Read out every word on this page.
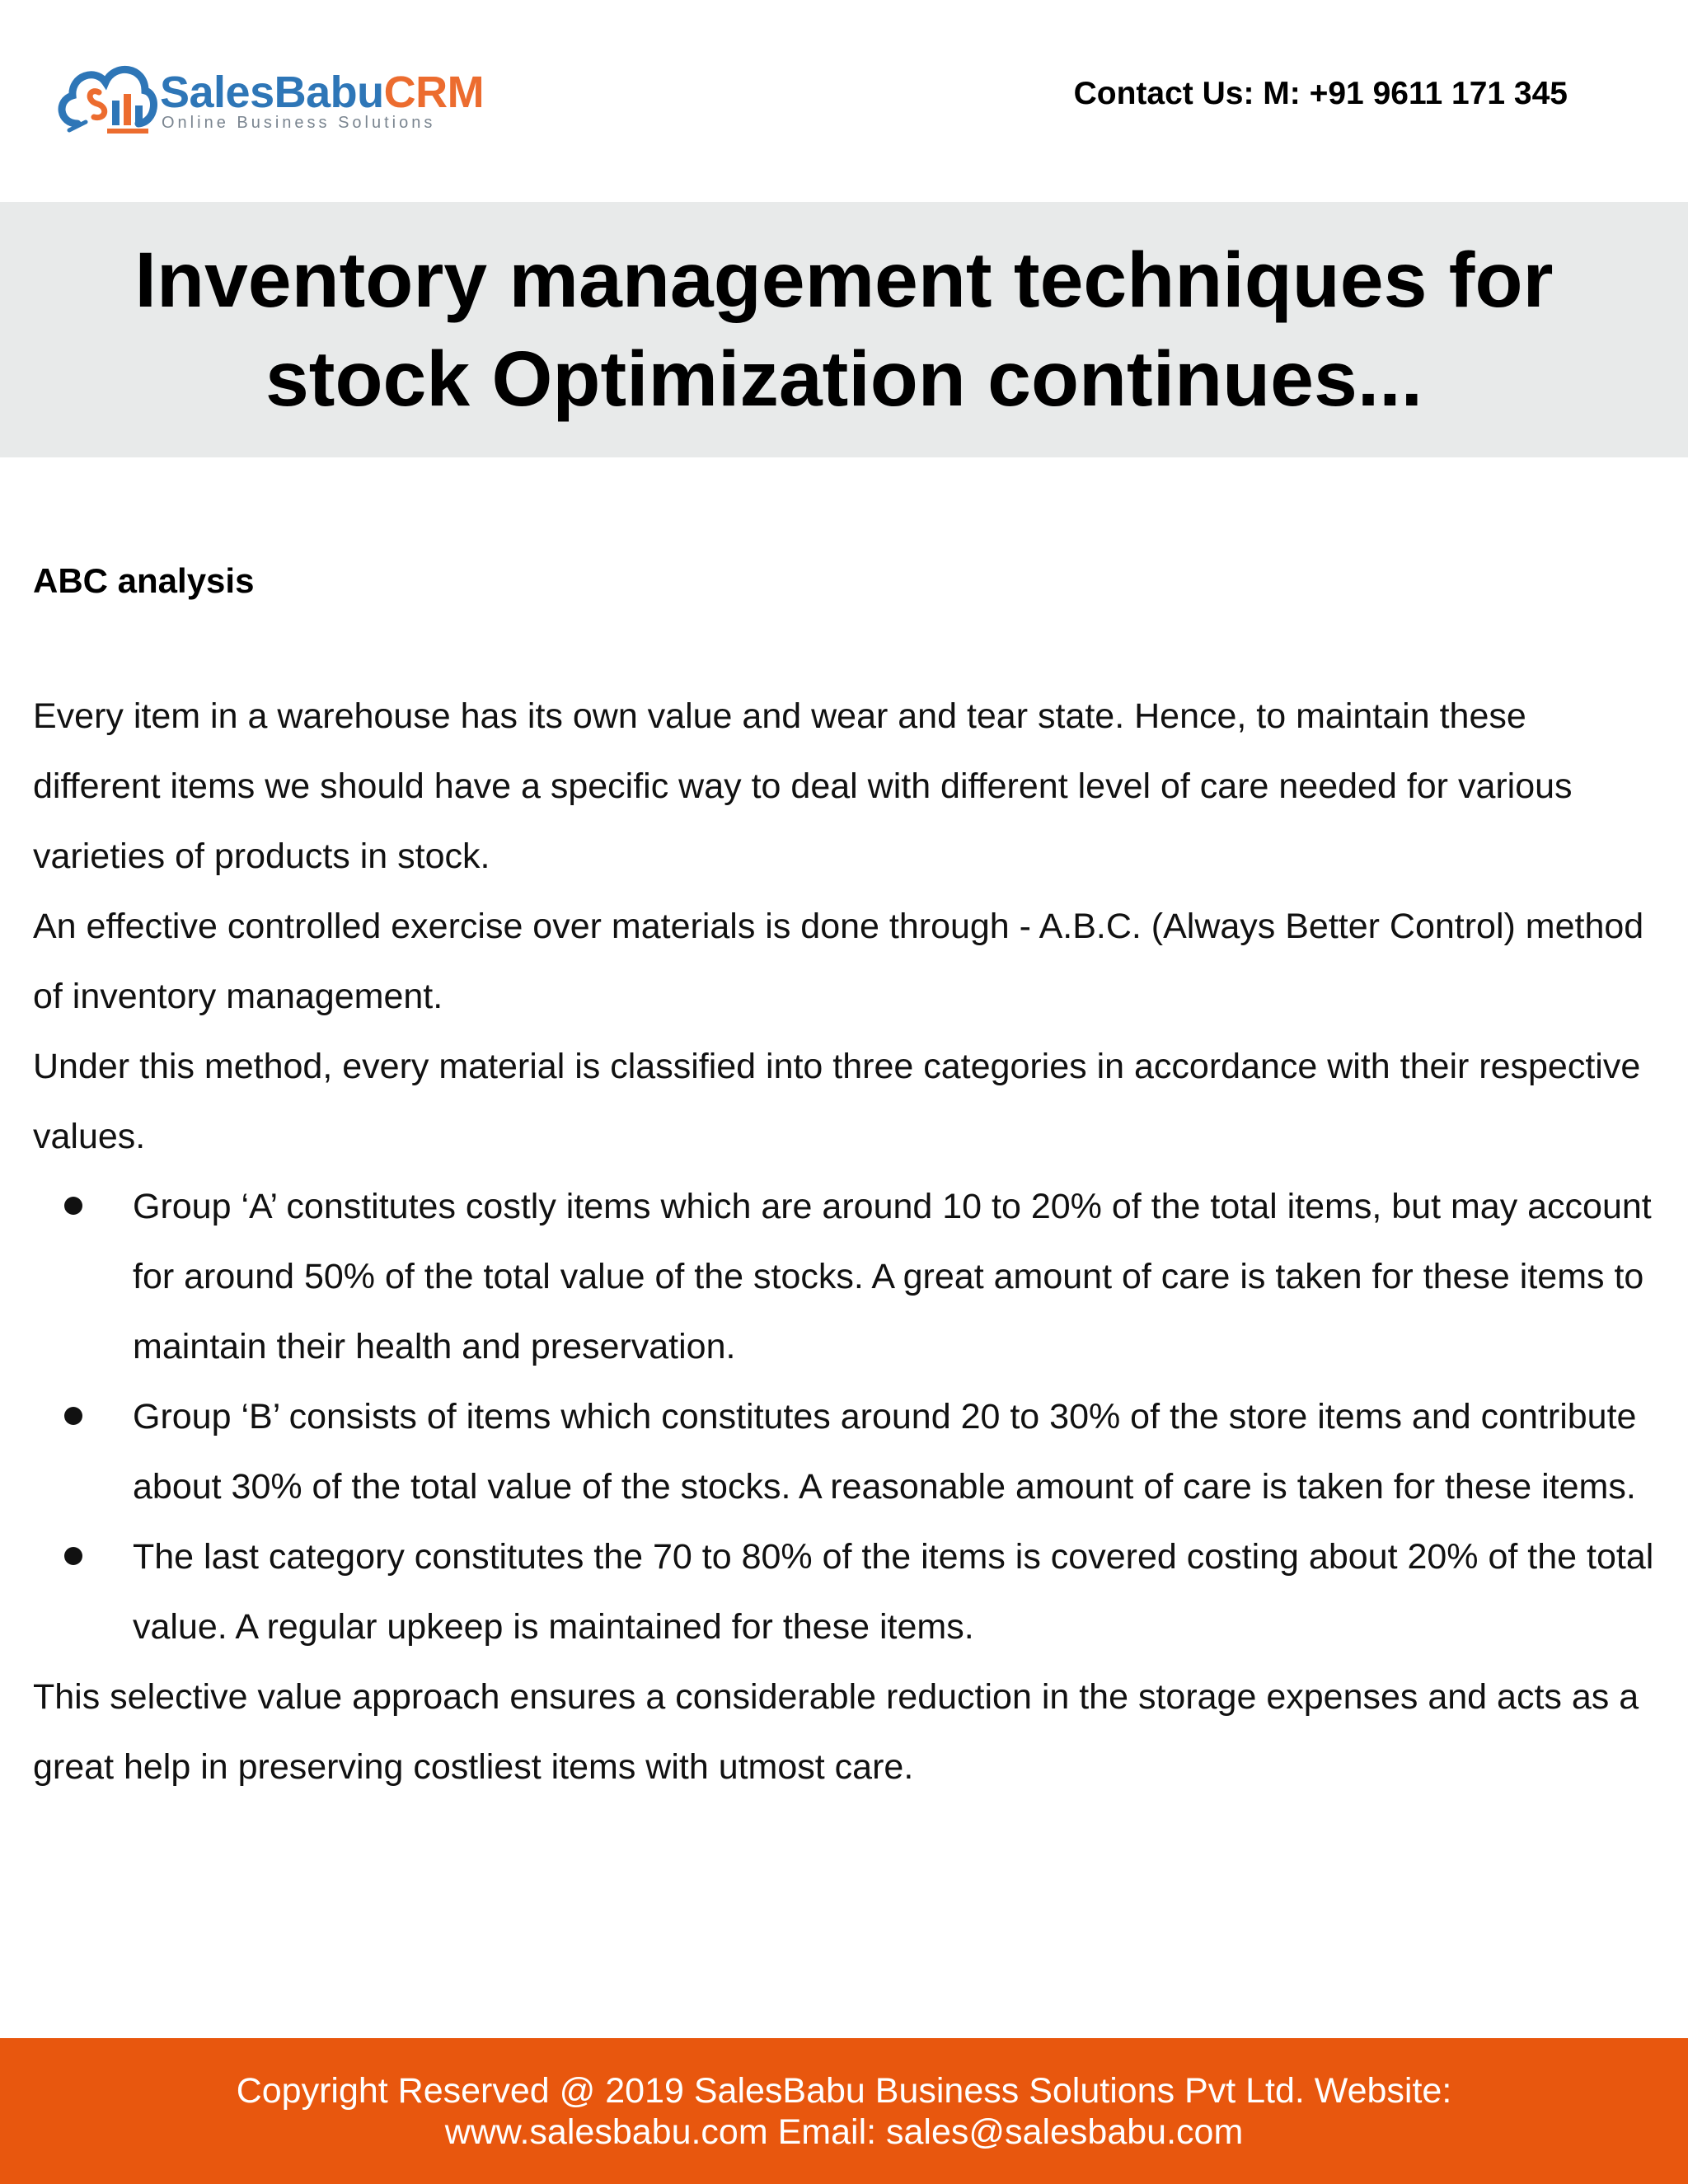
SalesBabuCRM
Online Business Solutions
Contact Us: M: +91 9611 171 345
Inventory management techniques for
stock Optimization continues...
ABC analysis

Every item in a warehouse has its own value and wear and tear state. Hence, to maintain these different items we should have a specific way to deal with different level of care needed for various varieties of products in stock.

An effective controlled exercise over materials is done through - A.B.C. (Always Better Control) method of inventory management.

Under this method, every material is classified into three categories in accordance with their respective values.

Group ‘A’ constitutes costly items which are around 10 to 20% of the total items, but may account for around 50% of the total value of the stocks. A great amount of care is taken for these items to maintain their health and preservation.
Group ‘B’ consists of items which constitutes around 20 to 30% of the store items and contribute about 30% of the total value of the stocks. A reasonable amount of care is taken for these items.
The last category constitutes the 70 to 80% of the items is covered costing about 20% of the total value. A regular upkeep is maintained for these items.

This selective value approach ensures a considerable reduction in the storage expenses and acts as a great help in preserving costliest items with utmost care.

Copyright Reserved @ 2019 SalesBabu Business Solutions Pvt Ltd. Website:
www.salesbabu.com Email: sales@salesbabu.com
